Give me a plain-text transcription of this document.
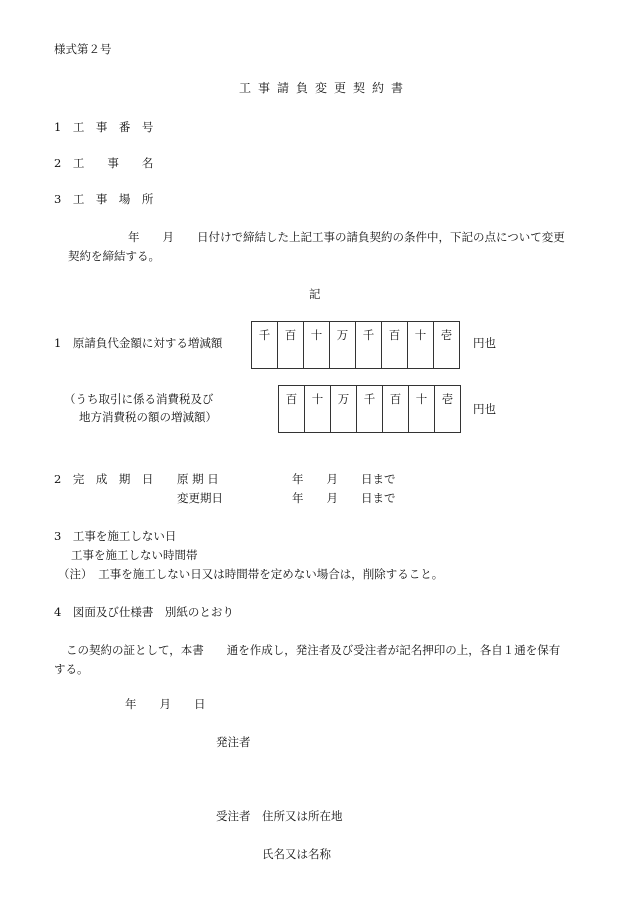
様式第２号
工事請負変更契約書
1　工　事　番　号
2　工　　事　　名
3　工　事　場　所
年　　月　　日付けで締結した上記工事の請負契約の条件中，下記の点について変更
契約を締結する。
記
1　原請負代金額に対する増減額
千	百	十	万	千	百	十	壱
円也
（うち取引に係る消費税及び
地方消費税の額の増減額）
百	十	万	千	百	十	壱
円也
2　完　成　期　日 原 期 日	年　　月　　日まで
変更期日	年　　月　　日まで
3　工事を施工しない日
工事を施工しない時間帯
（注）　工事を施工しない日又は時間帯を定めない場合は，削除すること。
4　図面及び仕様書　別紙のとおり
この契約の証として，本書　　通を作成し，発注者及び受注者が記名押印の上，各自１通を保有
する。
年　　月　　日
発注者
受注者　住所又は所在地
氏名又は名称
